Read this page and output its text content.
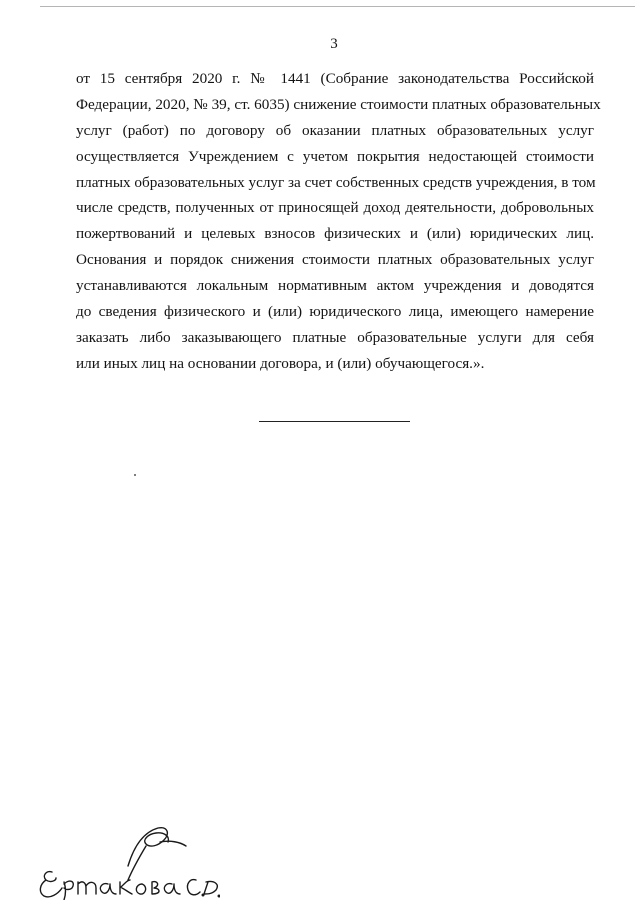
3
от 15 сентября 2020 г. № 1441 (Собрание законодательства Российской
Федерации, 2020, № 39, ст. 6035) снижение стоимости платных образовательных
услуг (работ) по договору об оказании платных образовательных услуг
осуществляется Учреждением с учетом покрытия недостающей стоимости
платных образовательных услуг за счет собственных средств учреждения, в том
числе средств, полученных от приносящей доход деятельности, добровольных
пожертвований и целевых взносов физических и (или) юридических лиц.
Основания и порядок снижения стоимости платных образовательных услуг
устанавливаются локальным нормативным актом учреждения и доводятся
до сведения физического и (или) юридического лица, имеющего намерение
заказать либо заказывающего платные образовательные услуги для себя
или иных лиц на основании договора, и (или) обучающегося.».
